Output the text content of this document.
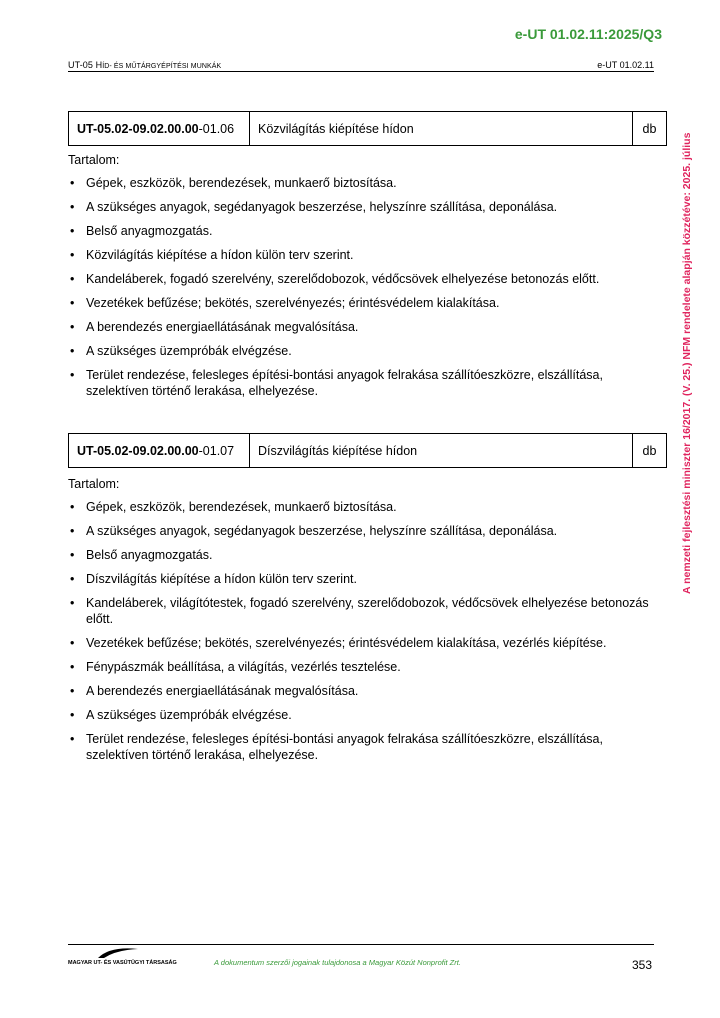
e-UT 01.02.11:2025/Q3
UT-05 HÍD- ÉS MŰTÁRGYÉPÍTÉSI MUNKÁK	e-UT 01.02.11
A nemzeti fejlesztési miniszter 16/2017. (V. 25.) NFM rendelete alapján közzétéve: 2025. július
UT-05.02-09.02.00.00 -01.06	Közvilágítás kiépítése hídon	db

Tartalom:

• Gépek, eszközök, berendezések, munkaerő biztosítása.
• A szükséges anyagok, segédanyagok beszerzése, helyszínre szállítása, deponálása.
• Belső anyagmozgatás.
• Közvilágítás kiépítése a hídon külön terv szerint.
• Kandeláberek, fogadó szerelvény, szerelődobozok, védőcsövek elhelyezése betonozás előtt.
• Vezetékek befűzése; bekötés, szerelvényezés; érintésvédelem kialakítása.
• A berendezés energiaellátásának megvalósítása.
• A szükséges üzempróbák elvégzése.
• Terület rendezése, felesleges építési-bontási anyagok felrakása szállítóeszközre, elszállítása, szelektíven történő lerakása, elhelyezése.
UT-05.02-09.02.00.00 -01.07	Díszvilágítás kiépítése hídon	db

Tartalom:

• Gépek, eszközök, berendezések, munkaerő biztosítása.
• A szükséges anyagok, segédanyagok beszerzése, helyszínre szállítása, deponálása.
• Belső anyagmozgatás.
• Díszvilágítás kiépítése a hídon külön terv szerint.
• Kandeláberek, világítótestek, fogadó szerelvény, szerelődobozok, védőcsövek elhelyezése betonozás előtt.
• Vezetékek befűzése; bekötés, szerelvényezés; érintésvédelem kialakítása, vezérlés kiépítése.
• Fénypászmák beállítása, a világítás, vezérlés tesztelése.
• A berendezés energiaellátásának megvalósítása.
• A szükséges üzempróbák elvégzése.
• Terület rendezése, felesleges építési-bontási anyagok felrakása szállítóeszközre, elszállítása, szelektíven történő lerakása, elhelyezése.
MAGYAR UT- ÉS VASÚTÜGYI TÁRSASÁG	A dokumentum szerzői jogainak tulajdonosa a Magyar Közút Nonprofit Zrt.	353
